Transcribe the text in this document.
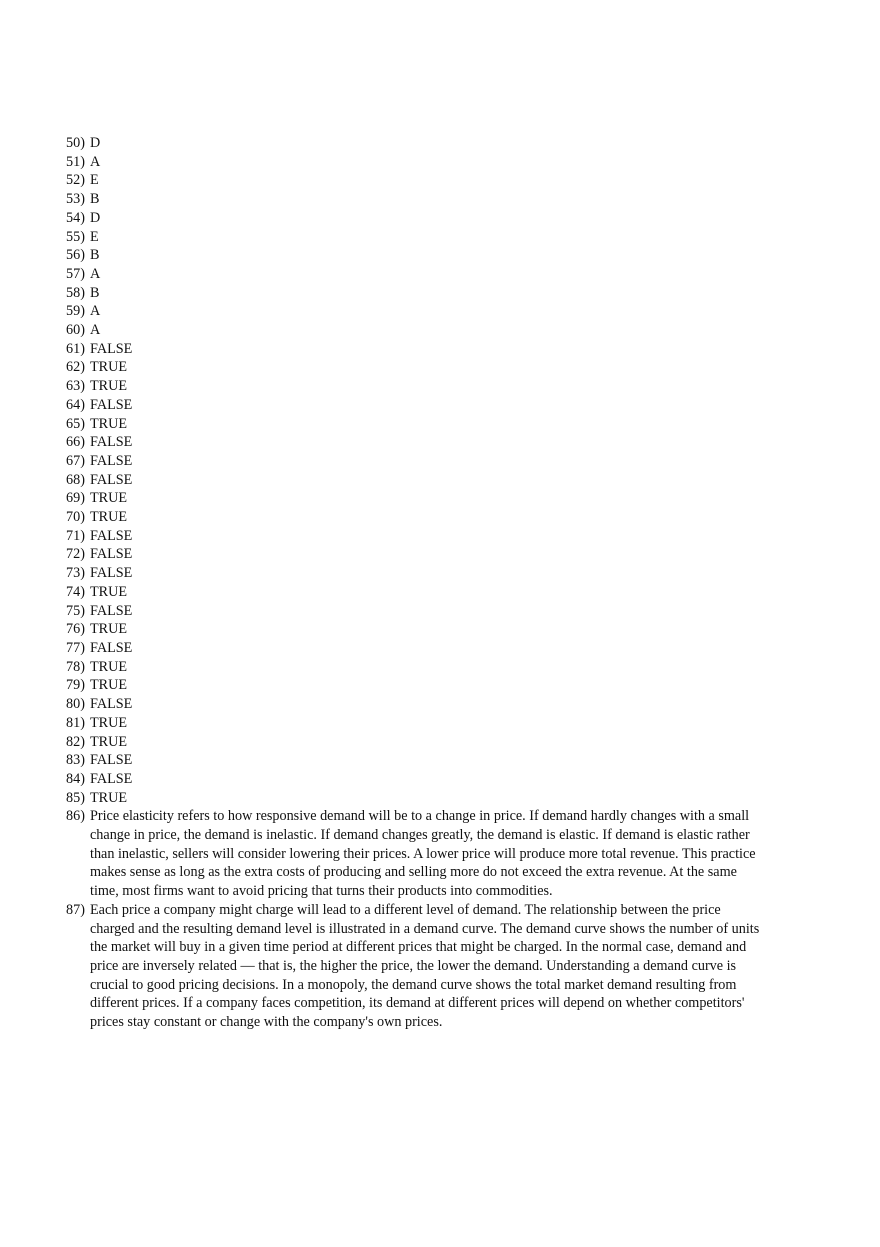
50) D
51) A
52) E
53) B
54) D
55) E
56) B
57) A
58) B
59) A
60) A
61) FALSE
62) TRUE
63) TRUE
64) FALSE
65) TRUE
66) FALSE
67) FALSE
68) FALSE
69) TRUE
70) TRUE
71) FALSE
72) FALSE
73) FALSE
74) TRUE
75) FALSE
76) TRUE
77) FALSE
78) TRUE
79) TRUE
80) FALSE
81) TRUE
82) TRUE
83) FALSE
84) FALSE
85) TRUE
86) Price elasticity refers to how responsive demand will be to a change in price. If demand hardly changes with a small change in price, the demand is inelastic. If demand changes greatly, the demand is elastic. If demand is elastic rather than inelastic, sellers will consider lowering their prices. A lower price will produce more total revenue. This practice makes sense as long as the extra costs of producing and selling more do not exceed the extra revenue. At the same time, most firms want to avoid pricing that turns their products into commodities.
87) Each price a company might charge will lead to a different level of demand. The relationship between the price charged and the resulting demand level is illustrated in a demand curve. The demand curve shows the number of units the market will buy in a given time period at different prices that might be charged. In the normal case, demand and price are inversely related — that is, the higher the price, the lower the demand. Understanding a demand curve is crucial to good pricing decisions. In a monopoly, the demand curve shows the total market demand resulting from different prices. If a company faces competition, its demand at different prices will depend on whether competitors' prices stay constant or change with the company's own prices.
